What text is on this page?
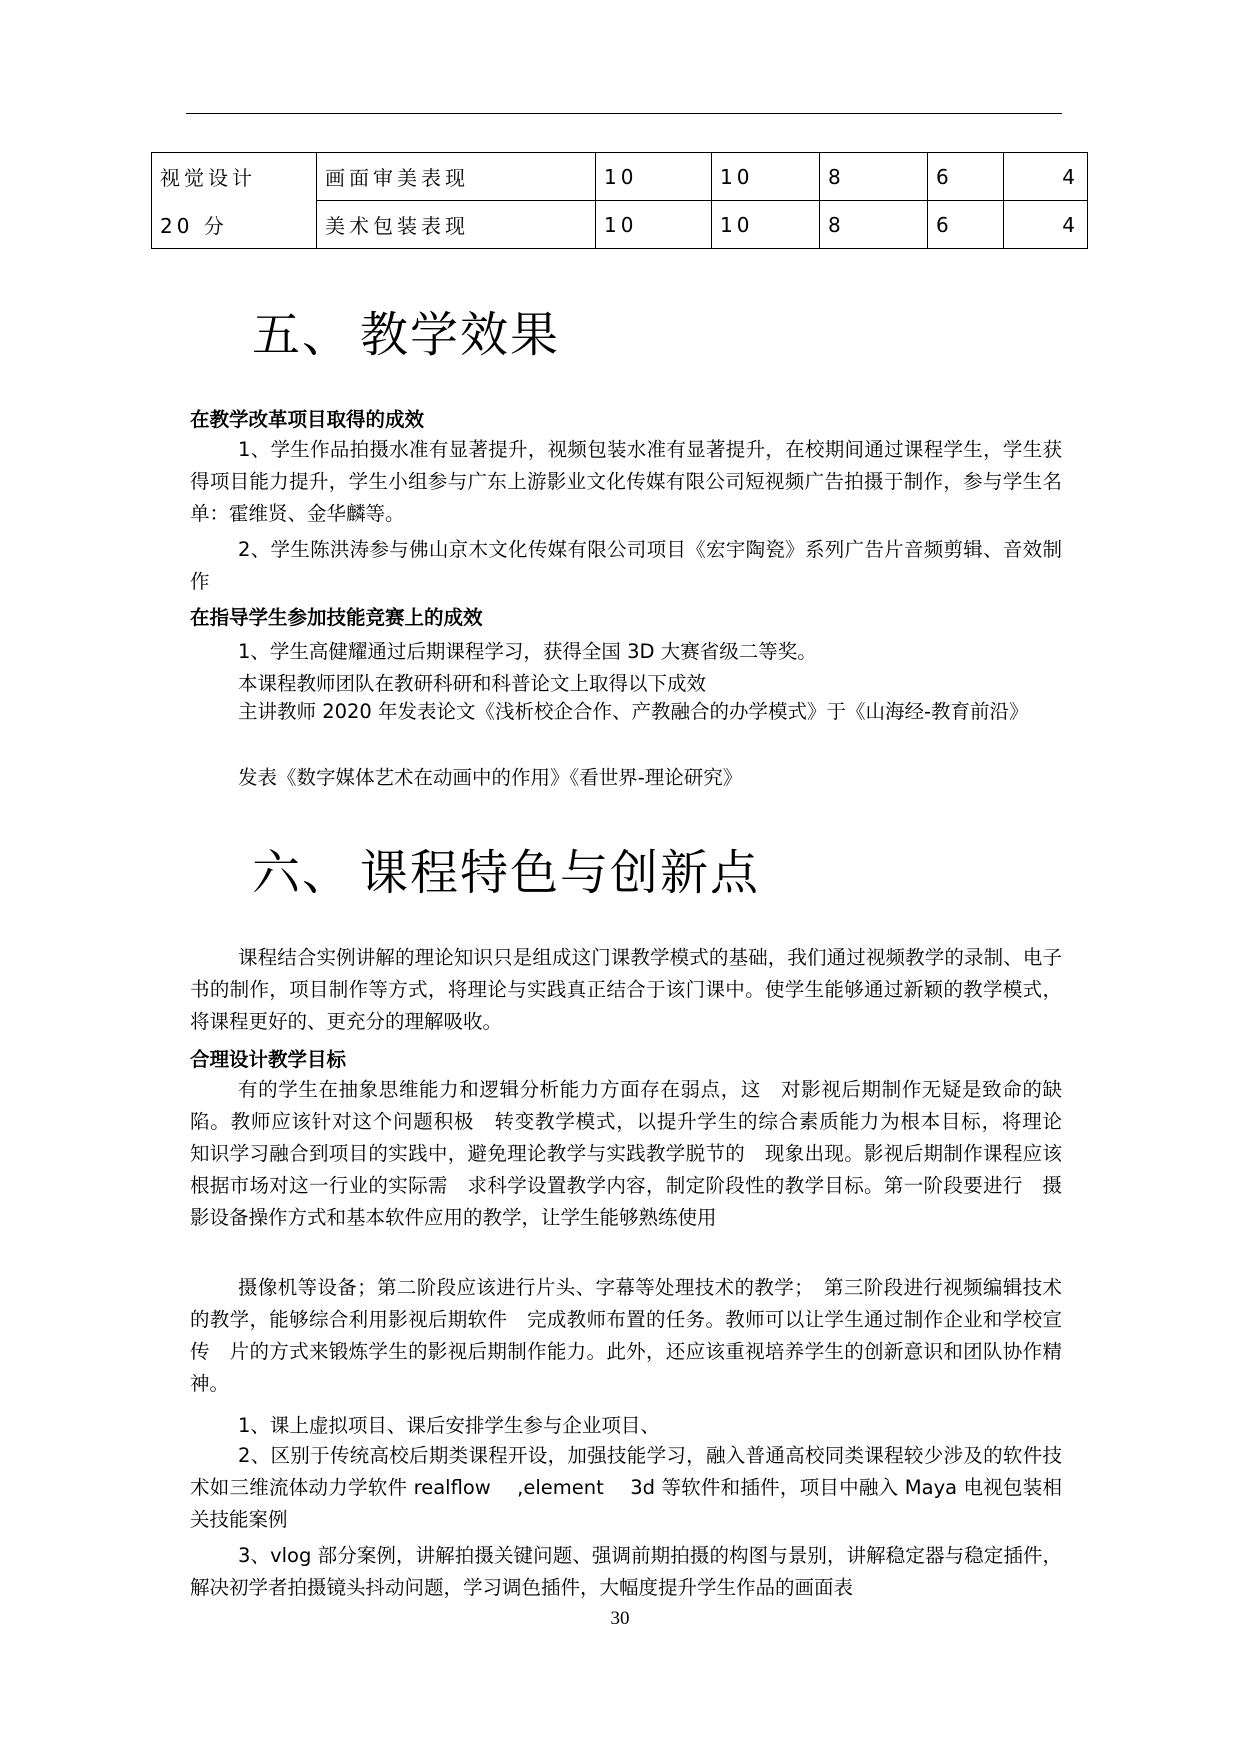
视觉设计	画面审美表现	10	10	8	6	4
20 分	美术包装表现	10	10	8	6	4
五、 教学效果
在教学改革项目取得的成效
1、学生作品拍摄水准有显著提升，视频包装水准有显著提升，在校期间通过课程学生，学生获得项目能力提升，学生小组参与广东上游影业文化传媒有限公司短视频广告拍摄于制作，参与学生名单：霍维贤、金华麟等。
2、学生陈洪涛参与佛山京木文化传媒有限公司项目《宏宇陶瓷》系列广告片音频剪辑、音效制作
在指导学生参加技能竞赛上的成效
1、学生高健耀通过后期课程学习，获得全国 3D 大赛省级二等奖。
本课程教师团队在教研科研和科普论文上取得以下成效
主讲教师 2020 年发表论文《浅析校企合作、产教融合的办学模式》于《山海经-教育前沿》
发表《数字媒体艺术在动画中的作用》《看世界-理论研究》
六、 课程特色与创新点
课程结合实例讲解的理论知识只是组成这门课教学模式的基础，我们通过视频教学的录制、电子书的制作，项目制作等方式，将理论与实践真正结合于该门课中。使学生能够通过新颖的教学模式，将课程更好的、更充分的理解吸收。
合理设计教学目标
有的学生在抽象思维能力和逻辑分析能力方面存在弱点，这　对影视后期制作无疑是致命的缺陷。教师应该针对这个问题积极　转变教学模式，以提升学生的综合素质能力为根本目标，将理论　知识学习融合到项目的实践中，避免理论教学与实践教学脱节的　现象出现。影视后期制作课程应该根据市场对这一行业的实际需　求科学设置教学内容，制定阶段性的教学目标。第一阶段要进行　摄影设备操作方式和基本软件应用的教学，让学生能够熟练使用
摄像机等设备；第二阶段应该进行片头、字幕等处理技术的教学；　第三阶段进行视频编辑技术的教学，能够综合利用影视后期软件　完成教师布置的任务。教师可以让学生通过制作企业和学校宣传　片的方式来锻炼学生的影视后期制作能力。此外，还应该重视培养学生的创新意识和团队协作精神。
1、课上虚拟项目、课后安排学生参与企业项目、
2、区别于传统高校后期类课程开设，加强技能学习，融入普通高校同类课程较少涉及的软件技术如三维流体动力学软件 realflow　 ,element　 3d 等软件和插件，项目中融入 Maya 电视包装相关技能案例
3、vlog 部分案例，讲解拍摄关键问题、强调前期拍摄的构图与景别，讲解稳定器与稳定插件，解决初学者拍摄镜头抖动问题，学习调色插件，大幅度提升学生作品的画面表
30
